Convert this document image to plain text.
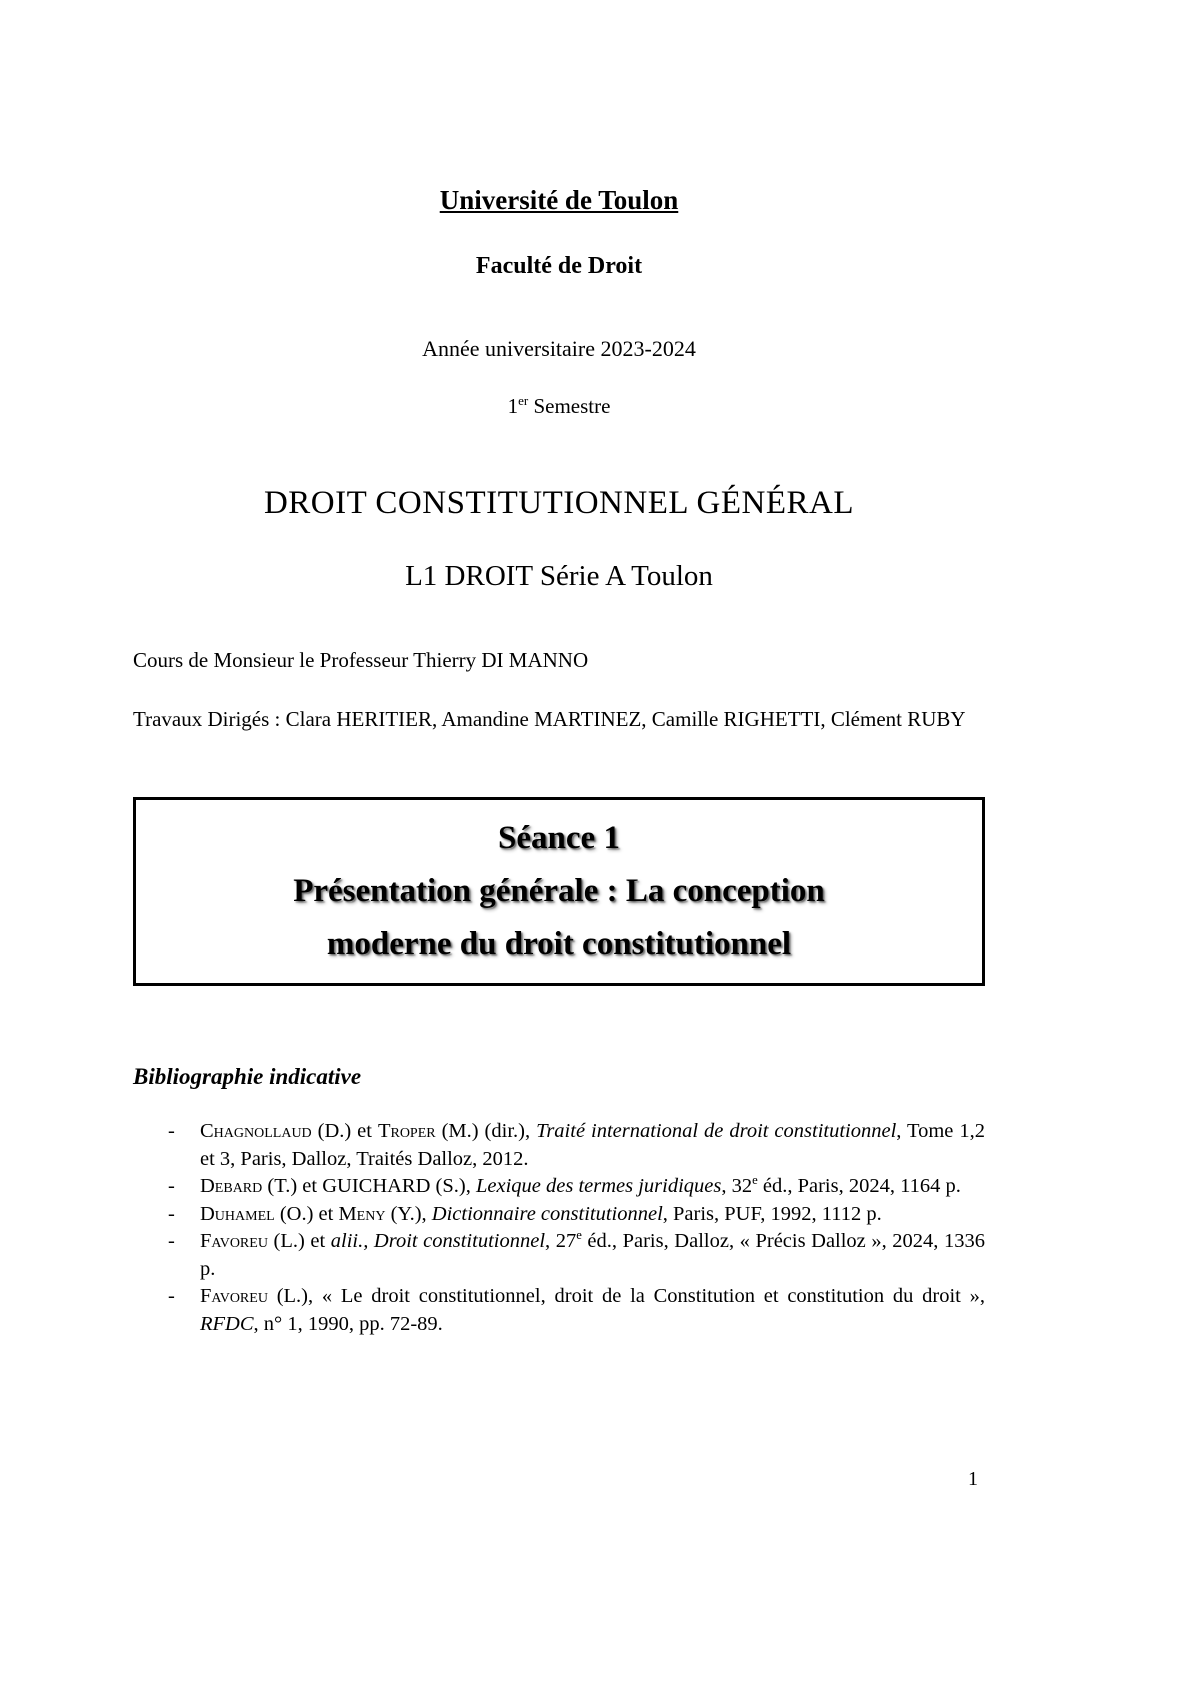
Université de Toulon
Faculté de Droit

Année universitaire 2023-2024

1er Semestre

DROIT CONSTITUTIONNEL GÉNÉRAL
L1 DROIT Série A Toulon

Cours de Monsieur le Professeur Thierry DI MANNO

Travaux Dirigés : Clara HERITIER, Amandine MARTINEZ, Camille RIGHETTI, Clément RUBY

Séance 1
Présentation générale : La conception
moderne du droit constitutionnel
Bibliographie indicative
- Chagnollaud (D.) et Troper (M.) (dir.), Traité international de droit constitutionnel, Tome 1,2 et 3, Paris, Dalloz, Traités Dalloz, 2012.
- Debard (T.) et GUICHARD (S.), Lexique des termes juridiques, 32e éd., Paris, 2024, 1164 p.
- Duhamel (O.) et Meny (Y.), Dictionnaire constitutionnel, Paris, PUF, 1992, 1112 p.
- Favoreu (L.) et alii., Droit constitutionnel, 27e éd., Paris, Dalloz, « Précis Dalloz », 2024, 1336 p.
- Favoreu (L.), « Le droit constitutionnel, droit de la Constitution et constitution du droit », RFDC, n° 1, 1990, pp. 72-89.
1
